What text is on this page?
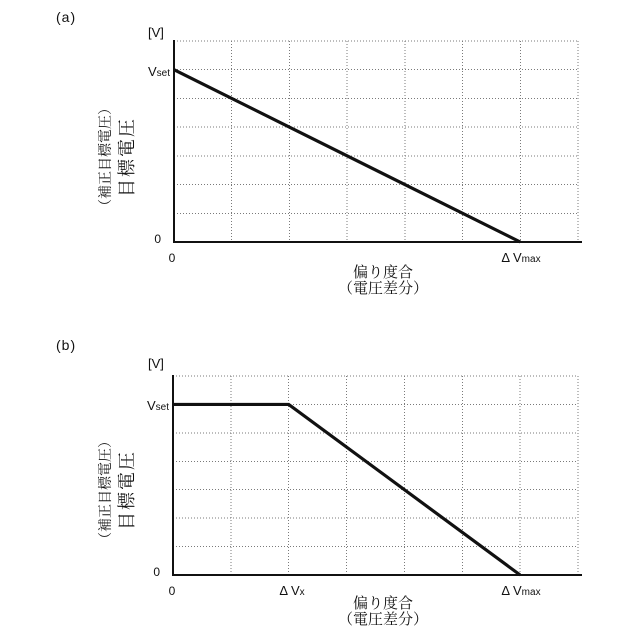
(a)
[V]
Vset
0
0	Δ Vmax
偏り度合
（電圧差分）
（補正目標電圧） 目標電圧
(b)
[V]
Vset
0
0	Δ Vx	Δ Vmax
偏り度合
（電圧差分）
（補正目標電圧） 目標電圧
